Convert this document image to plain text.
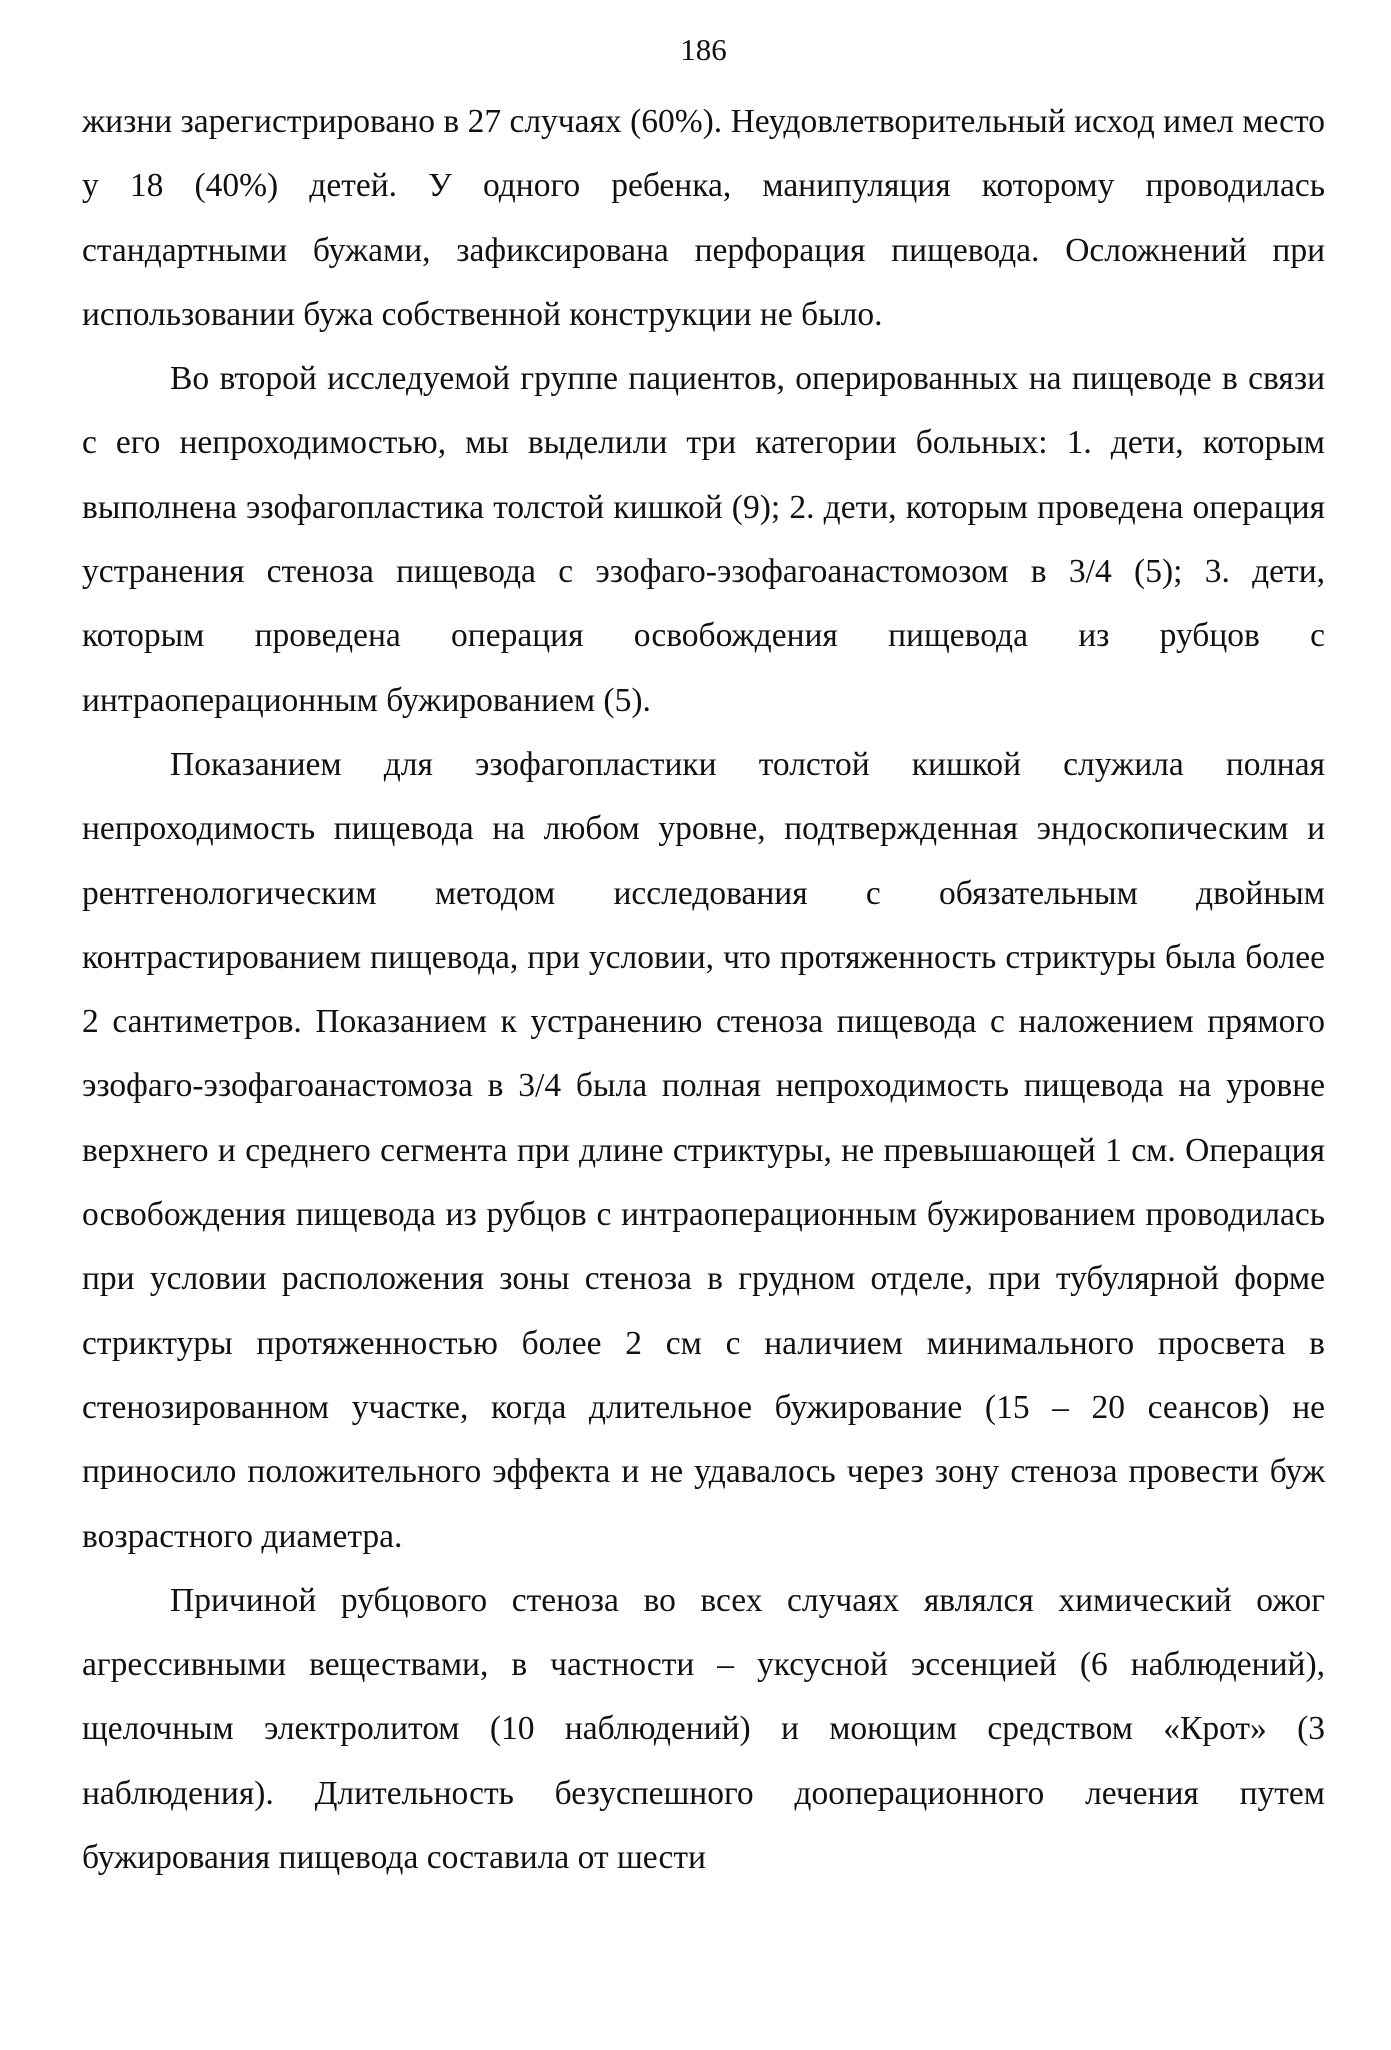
186

жизни зарегистрировано в 27 случаях (60%). Неудовлетворительный исход имел место у 18 (40%) детей. У одного ребенка, манипуляция которому проводилась стандартными бужами, зафиксирована перфорация пищевода. Осложнений при использовании бужа собственной конструкции не было.

Во второй исследуемой группе пациентов, оперированных на пищеводе в связи с его непроходимостью, мы выделили три категории больных: 1. дети, которым выполнена эзофагопластика толстой кишкой (9); 2. дети, которым проведена операция устранения стеноза пищевода с эзофаго-эзофагоанастомозом в 3/4 (5); 3. дети, которым проведена операция освобождения пищевода из рубцов с интраоперационным бужированием (5).

Показанием для эзофагопластики толстой кишкой служила полная непроходимость пищевода на любом уровне, подтвержденная эндоскопическим и рентгенологическим методом исследования с обязательным двойным контрастированием пищевода, при условии, что протяженность стриктуры была более 2 сантиметров. Показанием к устранению стеноза пищевода с наложением прямого эзофаго-эзофагоанастомоза в 3/4 была полная непроходимость пищевода на уровне верхнего и среднего сегмента при длине стриктуры, не превышающей 1 см. Операция освобождения пищевода из рубцов с интраоперационным бужированием проводилась при условии расположения зоны стеноза в грудном отделе, при тубулярной форме стриктуры протяженностью более 2 см с наличием минимального просвета в стенозированном участке, когда длительное бужирование (15 – 20 сеансов) не приносило положительного эффекта и не удавалось через зону стеноза провести буж возрастного диаметра.

Причиной рубцового стеноза во всех случаях являлся химический ожог агрессивными веществами, в частности – уксусной эссенцией (6 наблюдений), щелочным электролитом (10 наблюдений) и моющим средством «Крот» (3 наблюдения). Длительность безуспешного дооперационного лечения путем бужирования пищевода составила от шести
